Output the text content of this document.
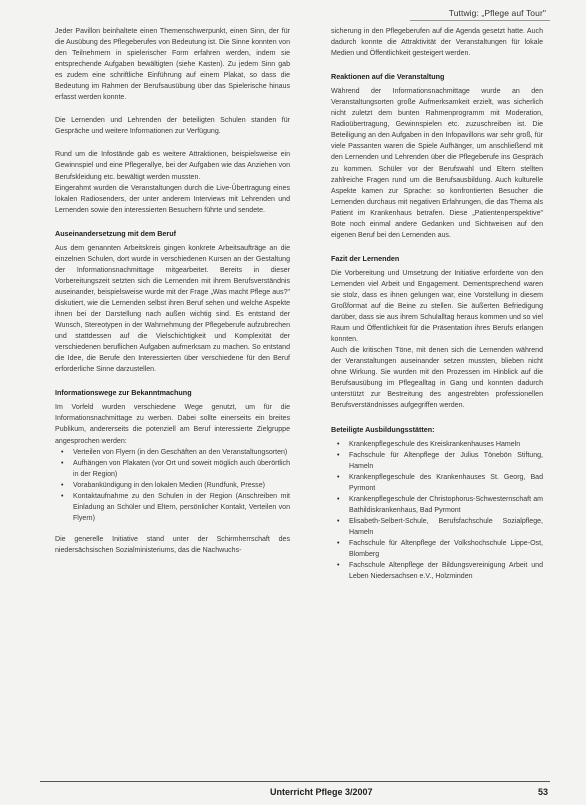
Tuttwig: „Pflege auf Tour"

Jeder Pavillon beinhaltete einen Themenschwerpunkt, einen Sinn, der für die Ausübung des Pflegeberufes von Bedeutung ist. Die Sinne konnten von den Teilnehmern in spielerischer Form erfahren werden, indem sie entsprechende Aufgaben bewältigten (siehe Kasten). Zu jedem Sinn gab es zudem eine schriftliche Einführung auf einem Plakat, so dass die Bedeutung im Rahmen der Berufsausübung über das Spielerische hinaus erfasst werden konnte.

Die Lernenden und Lehrenden der beteiligten Schulen standen für Gespräche und weitere Informationen zur Verfügung.

Rund um die Infostände gab es weitere Attraktionen, beispielsweise ein Gewinnspiel und eine Pflegerallye, bei der Aufgaben wie das Anziehen von Berufskleidung etc. bewältigt werden mussten.

Eingerahmt wurden die Veranstaltungen durch die Live-Übertragung eines lokalen Radiosenders, der unter anderem Interviews mit Lehrenden und Lernenden sowie den interessierten Besuchern führte und sendete.

Auseinandersetzung mit dem Beruf

Aus dem genannten Arbeitskreis gingen konkrete Arbeitsaufträge an die einzelnen Schulen, dort wurde in verschiedenen Kursen an der Gestaltung der Informationsnachmittage mitgearbeitet. Bereits in dieser Vorbereitungszeit setzten sich die Lernenden mit ihrem Berufsverständnis auseinander, beispielsweise wurde mit der Frage „Was macht Pflege aus?" diskutiert, wie die Lernenden selbst ihren Beruf sehen und welche Aspekte ihnen bei der Darstellung nach außen wichtig sind. Es entstand der Wunsch, Stereotypen in der Wahrnehmung der Pflegeberufe aufzubrechen und stattdessen auf die Vielschichtigkeit und Komplexität der verschiedenen beruflichen Aufgaben aufmerksam zu machen. So entstand die Idee, die Berufe den Interessierten über verschiedene für den Beruf erforderliche Sinne darzustellen.

Informationswege zur Bekanntmachung

Im Vorfeld wurden verschiedene Wege genutzt, um für die Informationsnachmittage zu werben. Dabei sollte einerseits ein breites Publikum, andererseits die potenziell am Beruf interessierte Zielgruppe angesprochen werden:

• Verteilen von Flyern (in den Geschäften an den Veranstaltungsorten)
• Aufhängen von Plakaten (vor Ort und soweit möglich auch überörtlich in der Region)
• Vorabankündigung in den lokalen Medien (Rundfunk, Presse)
• Kontaktaufnahme zu den Schulen in der Region (Anschreiben mit Einladung an Schüler und Eltern, persönlicher Kontakt, Verteilen von Flyern)

Die generelle Initiative stand unter der Schirmherrschaft des niedersächsischen Sozialministeriums, das die Nachwuchs-

sicherung in den Pflegeberufen auf die Agenda gesetzt hatte. Auch dadurch konnte die Attraktivität der Veranstaltungen für lokale Medien und Öffentlichkeit gesteigert werden.

Reaktionen auf die Veranstaltung

Während der Informationsnachmittage wurde an den Veranstaltungsorten große Aufmerksamkeit erzielt, was sicherlich nicht zuletzt dem bunten Rahmenprogramm mit Moderation, Radioübertragung, Gewinnspielen etc. zuzuschreiben ist. Die Beteiligung an den Aufgaben in den Infopavillons war sehr groß, für viele Passanten waren die Spiele Aufhänger, um anschließend mit den Lernenden und Lehrenden über die Pflegeberufe ins Gespräch zu kommen. Schüler vor der Berufswahl und Eltern stellten zahlreiche Fragen rund um die Berufsausbildung. Auch kulturelle Aspekte kamen zur Sprache: so konfrontierten Besucher die Lernenden durchaus mit negativen Erfahrungen, die das Thema als Patient im Krankenhaus betrafen. Diese „Patientenperspektive" Bote noch einmal andere Gedanken und Sichtweisen auf den eigenen Beruf bei den Lernenden aus.

Fazit der Lernenden

Die Vorbereitung und Umsetzung der Initiative erforderte von den Lernenden viel Arbeit und Engagement. Dementsprechend waren sie stolz, dass es ihnen gelungen war, eine Vorstellung in diesem Großformat auf die Beine zu stellen. Sie äußerten Befriedigung darüber, dass sie aus ihrem Schulalltag heraus kommen und so viel Raum und Öffentlichkeit für die Präsentation ihres Berufs erlangen konnten.

Auch die kritischen Töne, mit denen sich die Lernenden während der Veranstaltungen auseinander setzen mussten, blieben nicht ohne Wirkung. Sie wurden mit den Prozessen im Hinblick auf die Berufsausübung im Pflegealltag in Gang und konnten dadurch unterstützt zur Bestreitung des angestrebten professionellen Berufsverständnisses aufgegriffen werden.

Beteiligte Ausbildungsstätten:

• Krankenpflegeschule des Kreiskrankenhauses Hameln
• Fachschule für Altenpflege der Julius Tönebön Stiftung, Hameln
• Krankenpflegeschule des Krankenhauses St. Georg, Bad Pyrmont
• Krankenpflegeschule der Christophorus-Schwesternschaft am Bathildiskrankenhaus, Bad Pyrmont
• Elisabeth-Selbert-Schule, Berufsfachschule Sozialpflege, Hameln
• Fachschule für Altenpflege der Volkshochschule Lippe-Ost, Blomberg
• Fachschule Altenpflege der Bildungsvereinigung Arbeit und Leben Niedersachsen e.V., Holzminden
Unterricht Pflege 3/2007	53
